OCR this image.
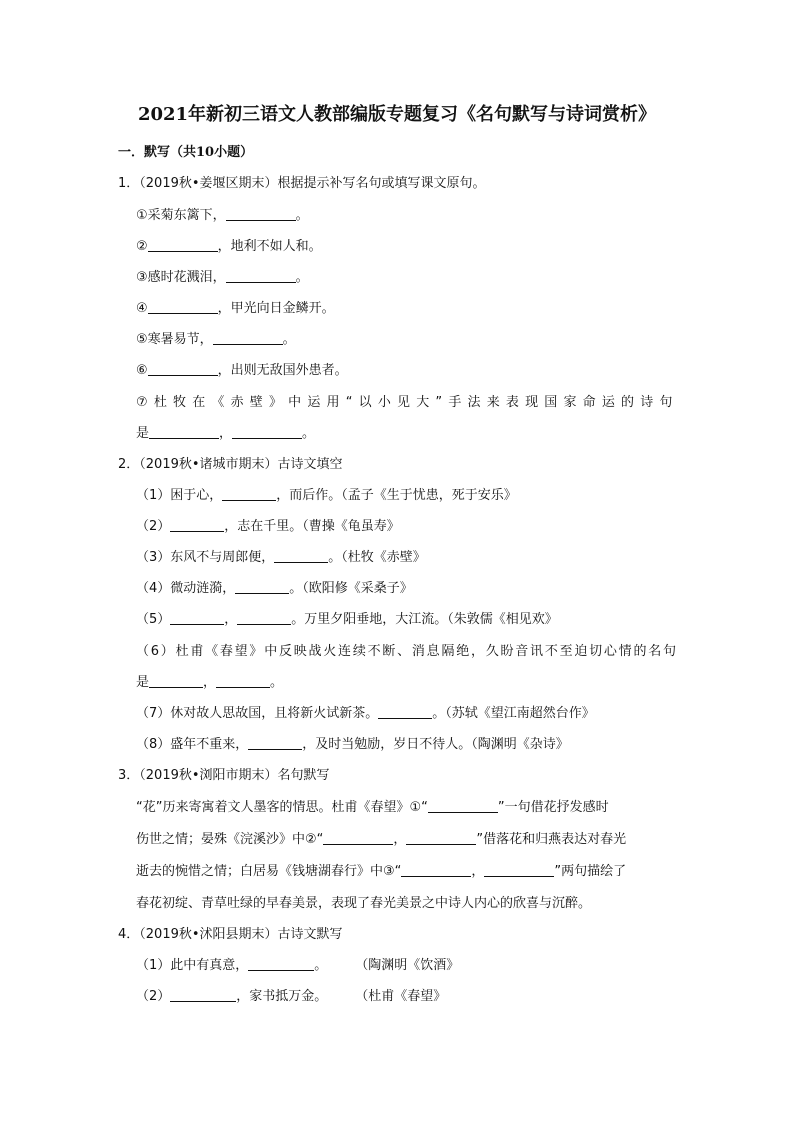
2021年新初三语文人教部编版专题复习《名句默写与诗词赏析》
一．默写（共10小题）
1．（2019秋•姜堰区期末）根据提示补写名句或填写课文原句。
①采菊东篱下，	。
②	，地利不如人和。
③感时花溅泪，	。
④	，甲光向日金鳞开。
⑤寒暑易节，	。
⑥	，出则无敌国外患者。
⑦杜牧在《赤壁》中运用“以小见大”手法来表现国家命运的诗句
是	，	。
2．（2019秋•诸城市期末）古诗文填空
（1）困于心，	，而后作。（孟子《生于忧患，死于安乐》
（2）	，志在千里。（曹操《龟虽寿》
（3）东风不与周郎便，	。（杜牧《赤壁》
（4）微动涟漪，	。（欧阳修《采桑子》
（5）	，	。万里夕阳垂地，大江流。（朱敦儒《相见欢》
（6）杜甫《春望》中反映战火连续不断、消息隔绝，久盼音讯不至迫切心情的名句
是	，	。
（7）休对故人思故国，且将新火试新茶。	。（苏轼《望江南超然台作》
（8）盛年不重来，	，及时当勉励，岁日不待人。（陶渊明《杂诗》
3．（2019秋•浏阳市期末）名句默写
“花”历来寄寓着文人墨客的情思。杜甫《春望》①“	”一句借花抒发感时
伤世之情；晏殊《浣溪沙》中②“	，	”借落花和归燕表达对春光
逝去的惋惜之情；白居易《钱塘湖春行》中③“	，	”两句描绘了
春花初绽、青草吐绿的早春美景，表现了春光美景之中诗人内心的欣喜与沉醉。
4．（2019秋•沭阳县期末）古诗文默写
（1）此中有真意，	。 （陶渊明《饮酒》
（2）	，家书抵万金。 （杜甫《春望》
